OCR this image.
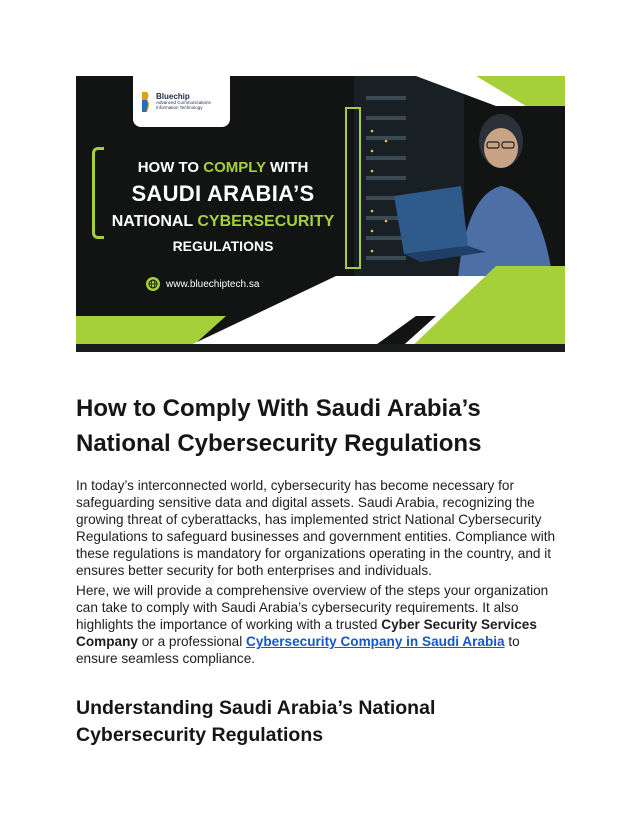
Bluechip
Advanced Communications
Information Technology
HOW TO COMPLY WITH
SAUDI ARABIA’S
NATIONAL CYBERSECURITY
REGULATIONS
www.bluechiptech.sa
How to Comply With Saudi Arabia’s National Cybersecurity Regulations

In today’s interconnected world, cybersecurity has become necessary for safeguarding sensitive data and digital assets. Saudi Arabia, recognizing the growing threat of cyberattacks, has implemented strict National Cybersecurity Regulations to safeguard businesses and government entities. Compliance with these regulations is mandatory for organizations operating in the country, and it ensures better security for both enterprises and individuals.

Here, we will provide a comprehensive overview of the steps your organization can take to comply with Saudi Arabia’s cybersecurity requirements. It also highlights the importance of working with a trusted Cyber Security Services Company or a professional Cybersecurity Company in Saudi Arabia to ensure seamless compliance.

Understanding Saudi Arabia’s National Cybersecurity Regulations
